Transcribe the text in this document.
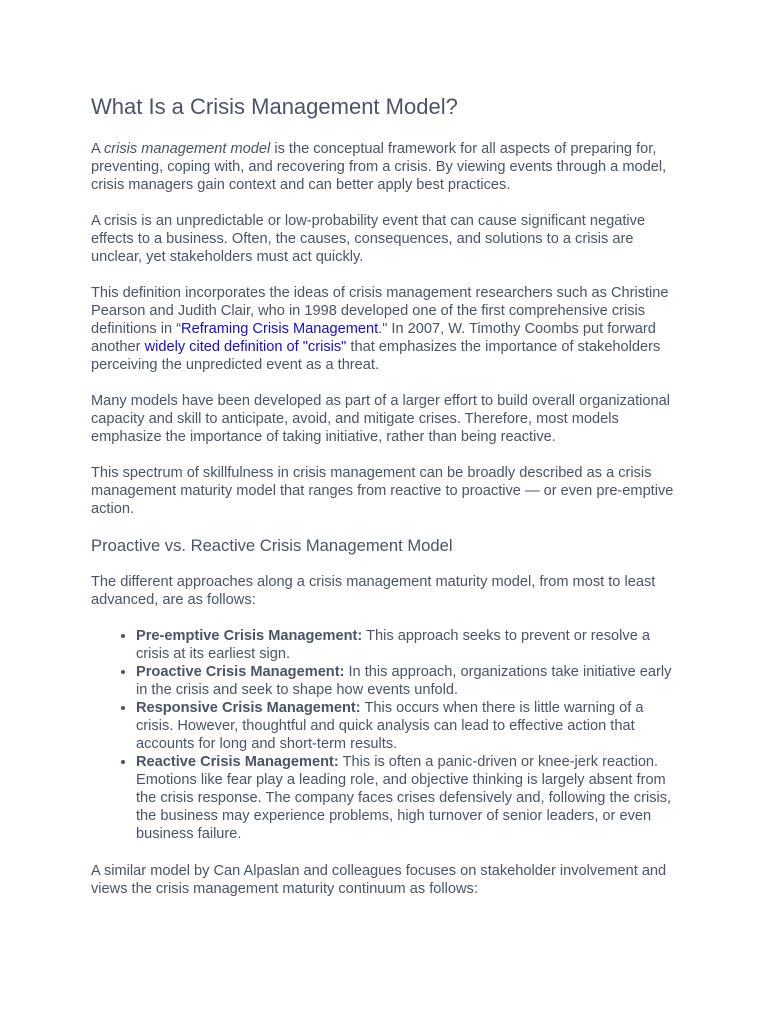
What Is a Crisis Management Model?

A crisis management model is the conceptual framework for all aspects of preparing for, preventing, coping with, and recovering from a crisis. By viewing events through a model, crisis managers gain context and can better apply best practices.

A crisis is an unpredictable or low-probability event that can cause significant negative effects to a business. Often, the causes, consequences, and solutions to a crisis are unclear, yet stakeholders must act quickly.

This definition incorporates the ideas of crisis management researchers such as Christine Pearson and Judith Clair, who in 1998 developed one of the first comprehensive crisis definitions in “Reframing Crisis Management." In 2007, W. Timothy Coombs put forward another widely cited definition of "crisis" that emphasizes the importance of stakeholders perceiving the unpredicted event as a threat.

Many models have been developed as part of a larger effort to build overall organizational capacity and skill to anticipate, avoid, and mitigate crises. Therefore, most models emphasize the importance of taking initiative, rather than being reactive.

This spectrum of skillfulness in crisis management can be broadly described as a crisis management maturity model that ranges from reactive to proactive — or even pre-emptive action.

Proactive vs. Reactive Crisis Management Model

The different approaches along a crisis management maturity model, from most to least advanced, are as follows:

• Pre-emptive Crisis Management: This approach seeks to prevent or resolve a crisis at its earliest sign.
• Proactive Crisis Management: In this approach, organizations take initiative early in the crisis and seek to shape how events unfold.
• Responsive Crisis Management: This occurs when there is little warning of a crisis. However, thoughtful and quick analysis can lead to effective action that accounts for long and short-term results.
• Reactive Crisis Management: This is often a panic-driven or knee-jerk reaction. Emotions like fear play a leading role, and objective thinking is largely absent from the crisis response. The company faces crises defensively and, following the crisis, the business may experience problems, high turnover of senior leaders, or even business failure.

A similar model by Can Alpaslan and colleagues focuses on stakeholder involvement and views the crisis management maturity continuum as follows:
